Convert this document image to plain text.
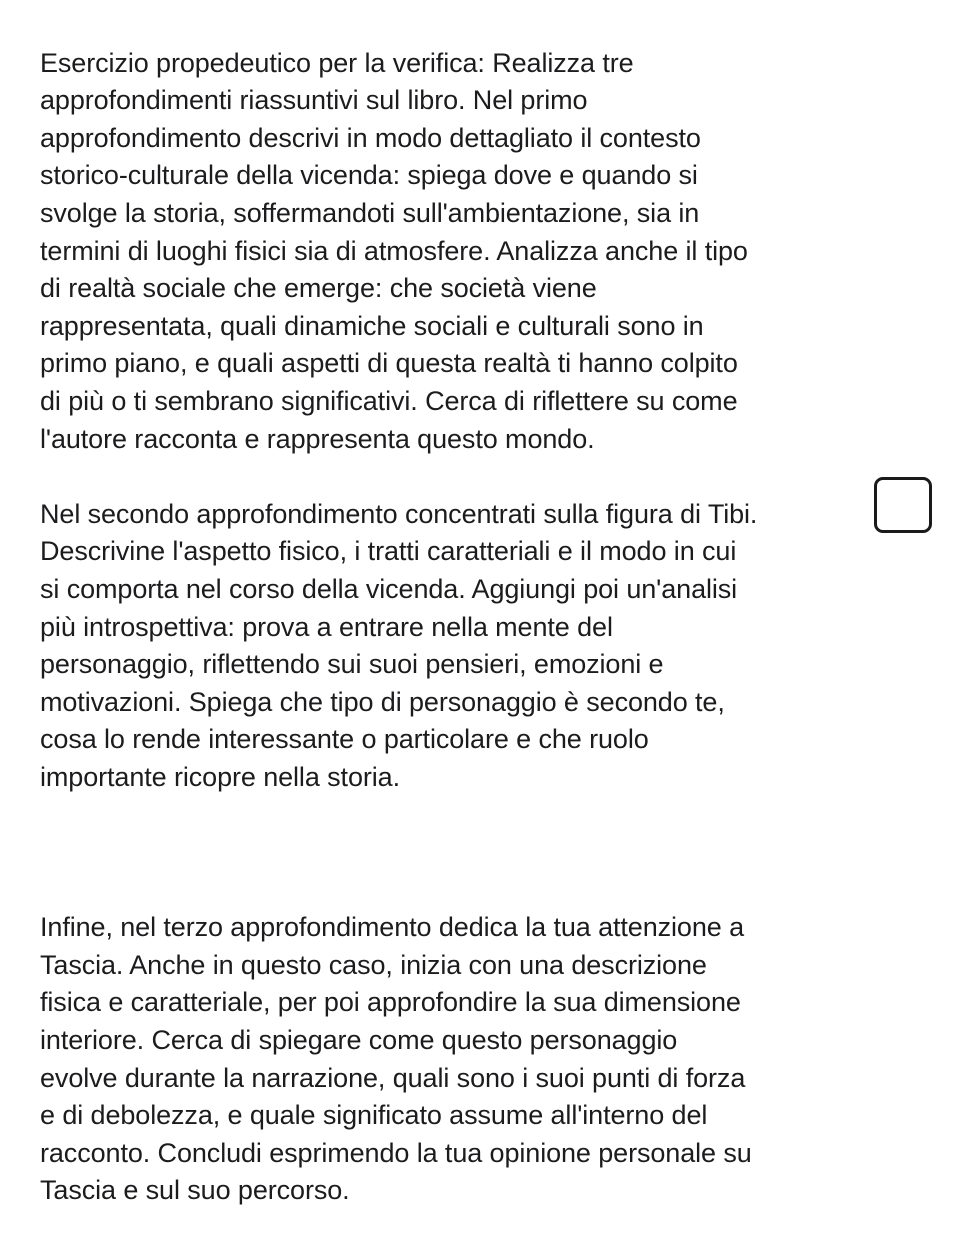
Esercizio propedeutico per la verifica: Realizza tre
approfondimenti riassuntivi sul libro. Nel primo
approfondimento descrivi in modo dettagliato il contesto
storico-culturale della vicenda: spiega dove e quando si
svolge la storia, soffermandoti sull'ambientazione, sia in
termini di luoghi fisici sia di atmosfere. Analizza anche il tipo
di realtà sociale che emerge: che società viene
rappresentata, quali dinamiche sociali e culturali sono in
primo piano, e quali aspetti di questa realtà ti hanno colpito
di più o ti sembrano significativi. Cerca di riflettere su come
l'autore racconta e rappresenta questo mondo.

Nel secondo approfondimento concentrati sulla figura di Tibi.
Descrivine l'aspetto fisico, i tratti caratteriali e il modo in cui
si comporta nel corso della vicenda. Aggiungi poi un'analisi
più introspettiva: prova a entrare nella mente del
personaggio, riflettendo sui suoi pensieri, emozioni e
motivazioni. Spiega che tipo di personaggio è secondo te,
cosa lo rende interessante o particolare e che ruolo
importante ricopre nella storia.

Infine, nel terzo approfondimento dedica la tua attenzione a
Tascia. Anche in questo caso, inizia con una descrizione
fisica e caratteriale, per poi approfondire la sua dimensione
interiore. Cerca di spiegare come questo personaggio
evolve durante la narrazione, quali sono i suoi punti di forza
e di debolezza, e quale significato assume all'interno del
racconto. Concludi esprimendo la tua opinione personale su
Tascia e sul suo percorso.
